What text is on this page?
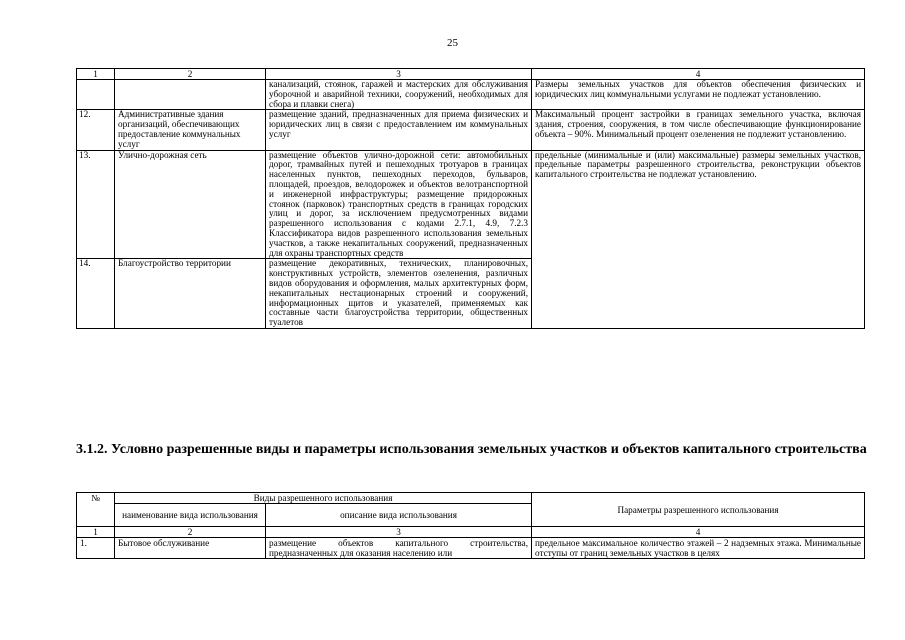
25
1	2	3	4
		канализаций, стоянок, гаражей и мастерских для обслуживания уборочной и аварийной техники, сооружений, необходимых для сбора и плавки снега)	Размеры земельных участков для объектов обеспечения физических и юридических лиц коммунальными услугами не подлежат установлению.
12.	Административные здания организаций, обеспечивающих предоставление коммунальных услуг	размещение зданий, предназначенных для приема физических и юридических лиц в связи с предоставлением им коммунальных услуг	Максимальный процент застройки в границах земельного участка, включая здания, строения, сооружения, в том числе обеспечивающие функционирование объекта – 90%. Минимальный процент озеленения не подлежит установлению.
13.	Улично-дорожная сеть	размещение объектов улично-дорожной сети: автомобильных дорог, трамвайных путей и пешеходных тротуаров в границах населенных пунктов, пешеходных переходов, бульваров, площадей, проездов, велодорожек и объектов велотранспортной и инженерной инфраструктуры; размещение придорожных стоянок (парковок) транспортных средств в границах городских улиц и дорог, за исключением предусмотренных видами разрешенного использования с кодами 2.7.1, 4.9, 7.2.3 Классификатора видов разрешенного использования земельных участков, а также некапитальных сооружений, предназначенных для охраны транспортных средств	предельные (минимальные и (или) максимальные) размеры земельных участков, предельные параметры разрешенного строительства, реконструкции объектов капитального строительства не подлежат установлению.
14.	Благоустройство территории	размещение декоративных, технических, планировочных, конструктивных устройств, элементов озеленения, различных видов оборудования и оформления, малых архитектурных форм, некапитальных нестационарных строений и сооружений, информационных щитов и указателей, применяемых как составные части благоустройства территории, общественных туалетов	
3.1.2. Условно разрешенные виды и параметры использования земельных участков и объектов капитального строительства
№	Виды разрешенного использования		Параметры разрешенного использования
	наименование вида использования	описание вида использования	
1	2	3	4
1.	Бытовое обслуживание	размещение объектов капитального строительства, предназначенных для оказания населению или	предельное максимальное количество этажей – 2 надземных этажа. Минимальные отступы от границ земельных участков в целях
